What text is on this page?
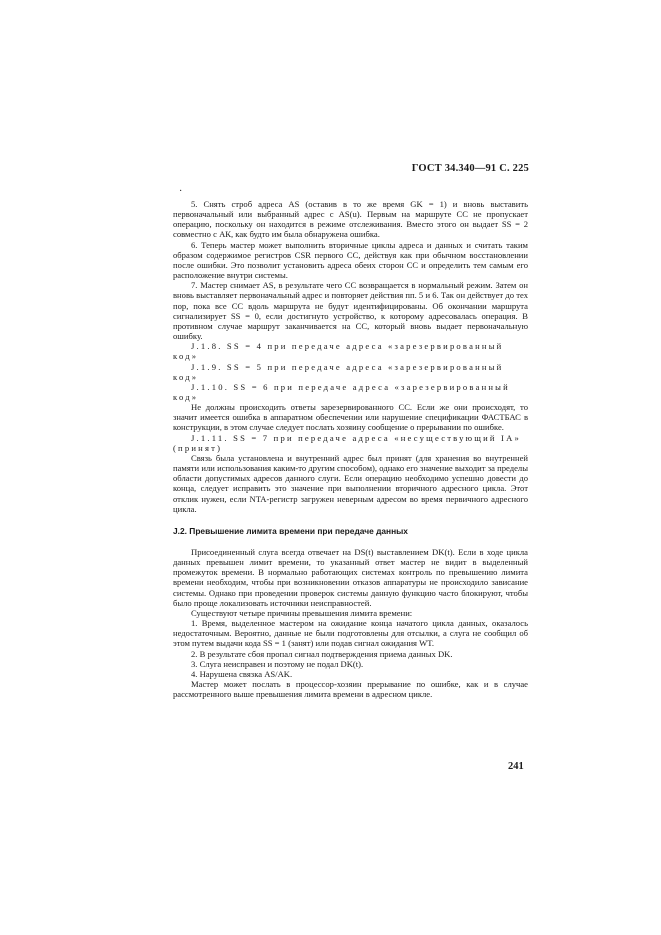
ГОСТ 34.340—91 С. 225
·

5. Снять строб адреса AS (оставив в то же время GK = 1) и вновь выставить первоначальный или выбранный адрес с AS(u). Первым на маршруте CC не пропускает операцию, поскольку он находится в режиме отслеживания. Вместо этого он выдает SS = 2 совместно с АК, как будто им была обнаружена ошибка.

6. Теперь мастер может выполнить вторичные циклы адреса и данных и считать таким образом содержимое регистров CSR первого CC, действуя как при обычном восстановлении после ошибки. Это позволит установить адреса обеих сторон CC и определить тем самым его расположение внутри системы.

7. Мастер снимает AS, в результате чего CC возвращается в нормальный режим. Затем он вновь выставляет первоначальный адрес и повторяет действия пп. 5 и 6. Так он действует до тех пор, пока все CC вдоль маршрута не будут идентифицированы. Об окончании маршрута сигнализирует SS = 0, если достигнуто устройство, к которому адресовалась операция. В противном случае маршрут заканчивается на CC, который вновь выдает первоначальную ошибку.

J.1.8. SS = 4 при передаче адреса «зарезервированный

код»

J.1.9. SS = 5 при передаче адреса «зарезервированный

код»

J.1.10. SS = 6 при передаче адреса «зарезервированный

код»

Не должны происходить ответы зарезервированного CC. Если же они происходят, то значит имеется ошибка в аппаратном обеспечении или нарушение спецификации ФАСТБАС в конструкции, в этом случае следует послать хозяину сообщение о прерывании по ошибке.

J.1.11. SS = 7 при передаче адреса «несуществующий IA»

(принят)

Связь была установлена и внутренний адрес был принят (для хранения во внутренней памяти или использования каким-то другим способом), однако его значение выходит за пределы области допустимых адресов данного слуги. Если операцию необходимо успешно довести до конца, следует исправить это значение при выполнении вторичного адресного цикла. Этот отклик нужен, если NTA-регистр загружен неверным адресом во время первичного адресного цикла.

J.2. Превышение лимита времени при передаче данных

Присоединенный слуга всегда отвечает на DS(t) выставлением DK(t). Если в ходе цикла данных превышен лимит времени, то указанный ответ мастер не видит в выделенный промежуток времени. В нормально работающих системах контроль по превышению лимита времени необходим, чтобы при возникновении отказов аппаратуры не происходило зависание системы. Однако при проведении проверок системы данную функцию часто блокируют, чтобы было проще локализовать источники неисправностей.

Существуют четыре причины превышения лимита времени:

1. Время, выделенное мастером на ожидание конца начатого цикла данных, оказалось недостаточным. Вероятно, данные не были подготовлены для отсылки, а слуга не сообщил об этом путем выдачи кода SS = 1 (занят) или подав сигнал ожидания WT.

2. В результате сбоя пропал сигнал подтверждения приема данных DK.

3. Слуга неисправен и поэтому не подал DK(t).

4. Нарушена связка AS/AK.

Мастер может послать в процессор-хозяин прерывание по ошибке, как и в случае рассмотренного выше превышения лимита времени в адресном цикле.

241
